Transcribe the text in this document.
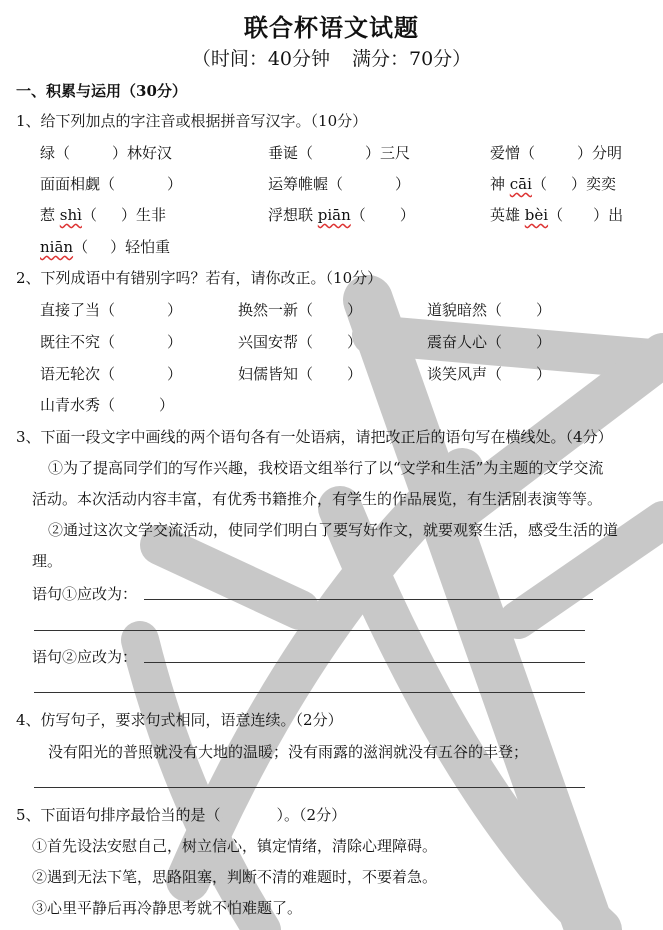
联合杯语文试题
（时间：40分钟 满分：70分）
一、积累与运用（30分）
1、给下列加点的字注音或根据拼音写汉字。（10分）
绿（	）林好汉	垂诞（	）三尺	爱憎（	）分明
面面相觑（	）	运筹帷幄（	）	神 cāi（ ）奕奕
惹 shì（ ）生非	浮想联 piān（ ）	英雄 bèi（ ）出
niān（ ）轻怕重
2、下列成语中有错别字吗？若有，请你改正。（10分）
直接了当（	）	换然一新（ ）	道貌暗然（ ）
既往不究（	）	兴国安帮（ ）	震奋人心（ ）
语无轮次（	）	妇儒皆知（ ）	谈笑风声（ ）
山青水秀（	）
3、下面一段文字中画线的两个语句各有一处语病，请把改正后的语句写在横线处。（4分）
①为了提高同学们的写作兴趣，我校语文组举行了以“文学和生活”为主题的文学交流
活动。本次活动内容丰富，有优秀书籍推介，有学生的作品展览，有生活剧表演等等。
②通过这次文学交流活动，使同学们明白了要写好作文，就要观察生活，感受生活的道
理。
语句①应改为：
语句②应改为：
4、仿写句子，要求句式相同，语意连续。（2分）
没有阳光的普照就没有大地的温暖；没有雨露的滋润就没有五谷的丰登；
5、下面语句排序最恰当的是（	）。（2分）
①首先设法安慰自己，树立信心，镇定情绪，清除心理障碍。
②遇到无法下笔，思路阻塞，判断不清的难题时，不要着急。
③心里平静后再冷静思考就不怕难题了。
